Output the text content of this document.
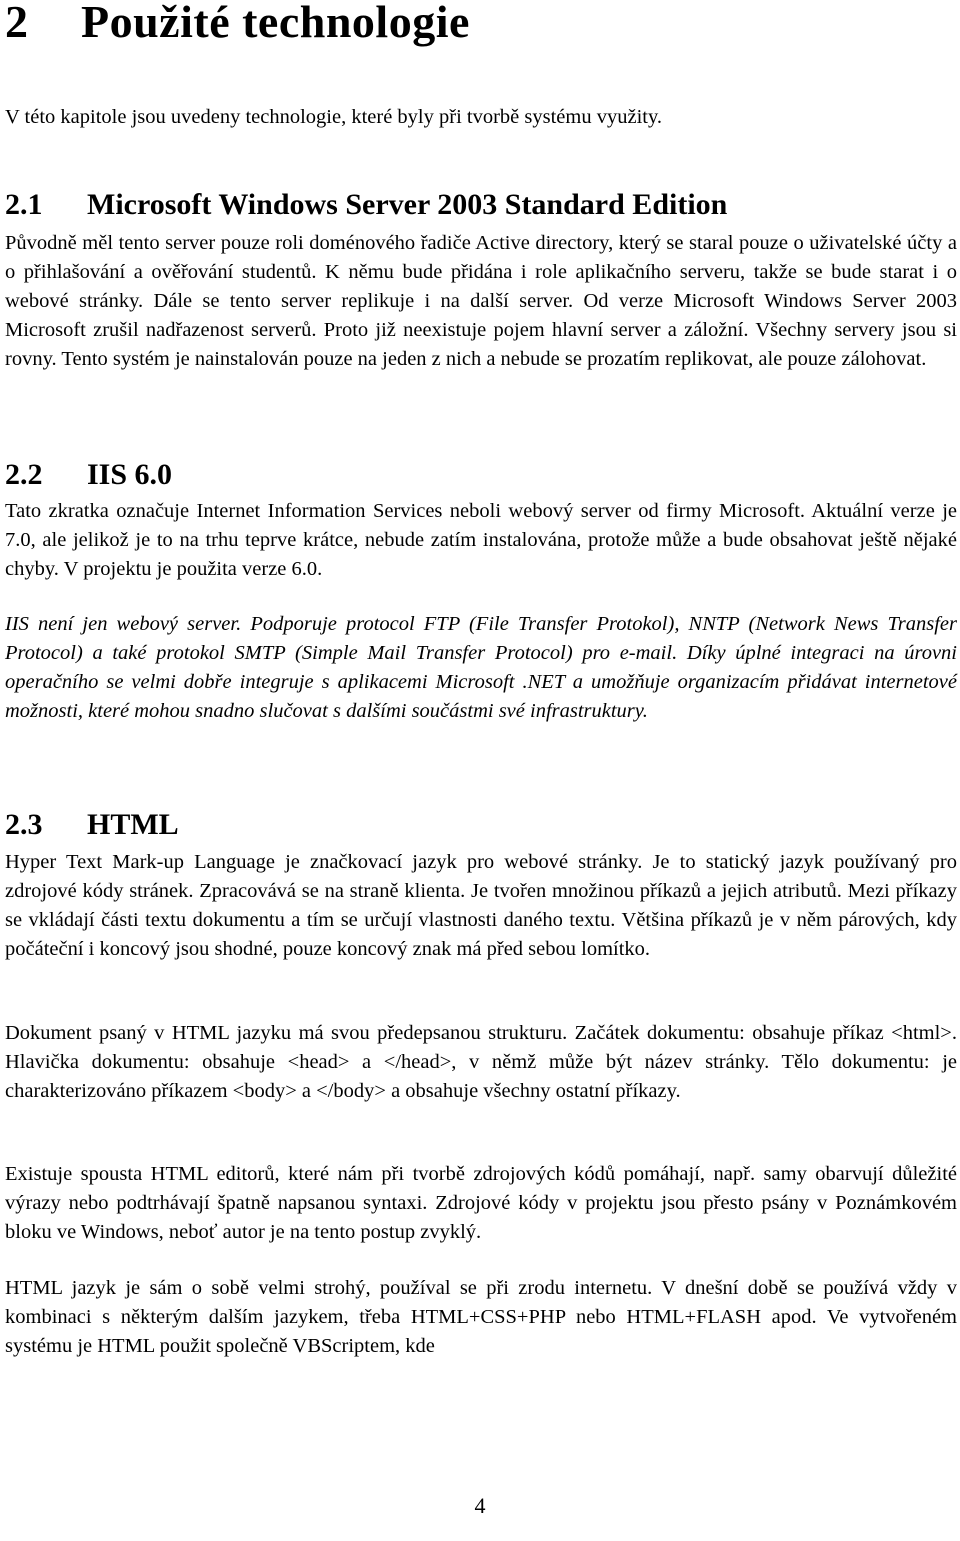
2 Použité technologie

V této kapitole jsou uvedeny technologie, které byly při tvorbě systému využity.

2.1 Microsoft Windows Server 2003 Standard Edition

Původně měl tento server pouze roli doménového řadiče Active directory, který se staral pouze o uživatelské účty a o přihlašování a ověřování studentů. K němu bude přidána i role aplikačního serveru, takže se bude starat i o webové stránky. Dále se tento server replikuje i na další server. Od verze Microsoft Windows Server 2003 Microsoft zrušil nadřazenost serverů. Proto již neexistuje pojem hlavní server a záložní. Všechny servery jsou si rovny. Tento systém je nainstalován pouze na jeden z nich a nebude se prozatím replikovat, ale pouze zálohovat.

2.2 IIS 6.0

Tato zkratka označuje Internet Information Services neboli webový server od firmy Microsoft. Aktuální verze je 7.0, ale jelikož je to na trhu teprve krátce, nebude zatím instalována, protože může a bude obsahovat ještě nějaké chyby. V projektu je použita verze 6.0.

IIS není jen webový server. Podporuje protocol FTP (File Transfer Protokol), NNTP (Network News Transfer Protocol) a také protokol SMTP (Simple Mail Transfer Protocol) pro e-mail. Díky úplné integraci na úrovni operačního se velmi dobře integruje s aplikacemi Microsoft .NET a umožňuje organizacím přidávat internetové možnosti, které mohou snadno slučovat s dalšími součástmi své infrastruktury.

2.3 HTML

Hyper Text Mark-up Language je značkovací jazyk pro webové stránky. Je to statický jazyk používaný pro zdrojové kódy stránek. Zpracovává se na straně klienta. Je tvořen množinou příkazů a jejich atributů. Mezi příkazy se vkládají části textu dokumentu a tím se určují vlastnosti daného textu. Většina příkazů je v něm párových, kdy počáteční i koncový jsou shodné, pouze koncový znak má před sebou lomítko.

Dokument psaný v HTML jazyku má svou předepsanou strukturu. Začátek dokumentu: obsahuje příkaz <html>. Hlavička dokumentu: obsahuje <head> a </head>, v němž může být název stránky. Tělo dokumentu: je charakterizováno příkazem <body> a </body> a obsahuje všechny ostatní příkazy.

Existuje spousta HTML editorů, které nám při tvorbě zdrojových kódů pomáhají, např. samy obarvují důležité výrazy nebo podtrhávají špatně napsanou syntaxi. Zdrojové kódy v projektu jsou přesto psány v Poznámkovém bloku ve Windows, neboť autor je na tento postup zvyklý.

HTML jazyk je sám o sobě velmi strohý, používal se při zrodu internetu. V dnešní době se používá vždy v kombinaci s některým dalším jazykem, třeba HTML+CSS+PHP nebo HTML+FLASH apod. Ve vytvořeném systému je HTML použit společně VBScriptem, kde

4
